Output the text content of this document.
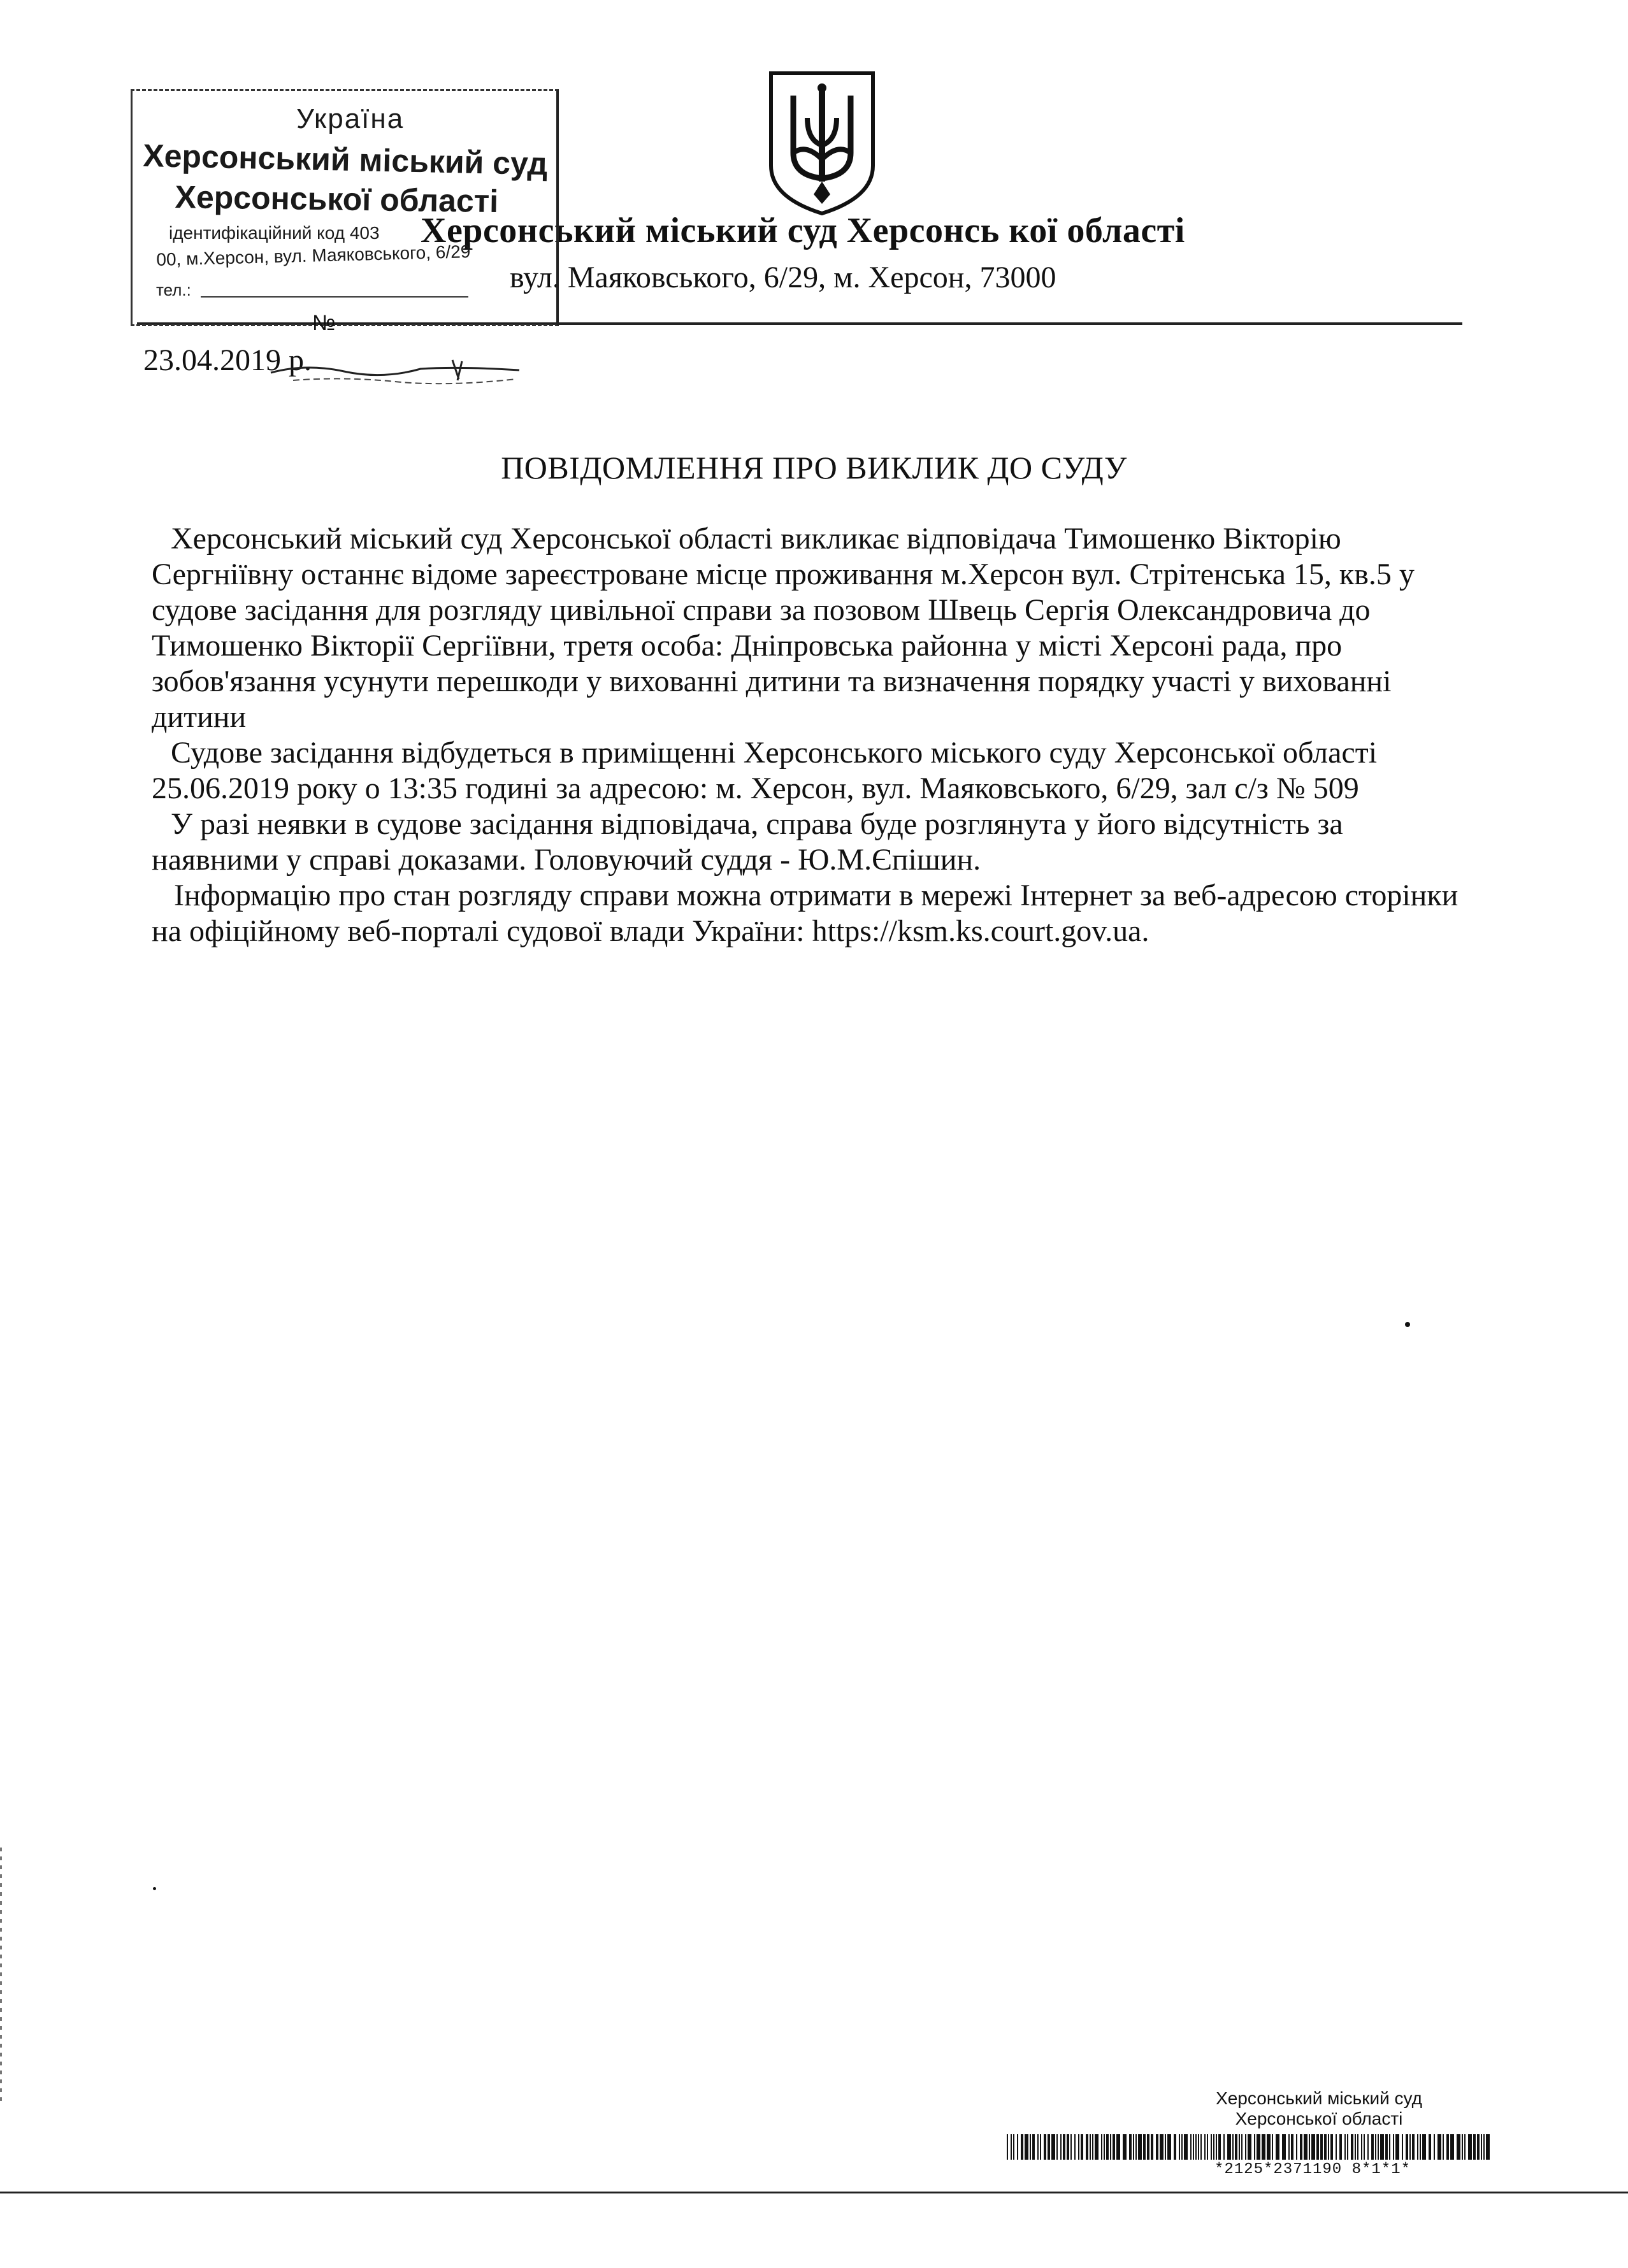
Херсонський міський суд Херсонсь кої області
вул. Маяковського, 6/29, м. Херсон, 73000
Україна
Херсонський міський суд
Херсонської області
ідентифікаційний код 403
00, м.Херсон, вул. Маяковського, 6/29
тел.:
23.04.2019 р.
№
ПОВІДОМЛЕННЯ ПРО ВИКЛИК ДО СУДУ

Херсонський міський суд Херсонської області викликає відповідача Тимошенко Вікторію Сергніївну останнє відоме зареєстроване місце проживання м.Херсон вул. Стрітенська 15, кв.5 у судове засідання для розгляду цивільної справи за позовом Швець Сергія Олександровича до Тимошенко Вікторії Сергіївни, третя особа: Дніпровська районна у місті Херсоні рада, про зобов'язання усунути перешкоди у вихованні дитини та визначення порядку участі у вихованні дитини

Судове засідання відбудеться в приміщенні Херсонського міського суду Херсонської області 25.06.2019 року о 13:35 годині за адресою: м. Херсон, вул. Маяковського, 6/29, зал с/з № 509

У разі неявки в судове засідання відповідача, справа буде розглянута у його відсутність за наявними у справі доказами. Головуючий суддя - Ю.М.Єпішин.

Інформацію про стан розгляду справи можна отримати в мережі Інтернет за веб-адресою сторінки на офіційному веб-порталі судової влади України: https://ksm.ks.court.gov.ua.

Херсонський міський суд
Херсонської області
*2125*2371190 8*1*1*
